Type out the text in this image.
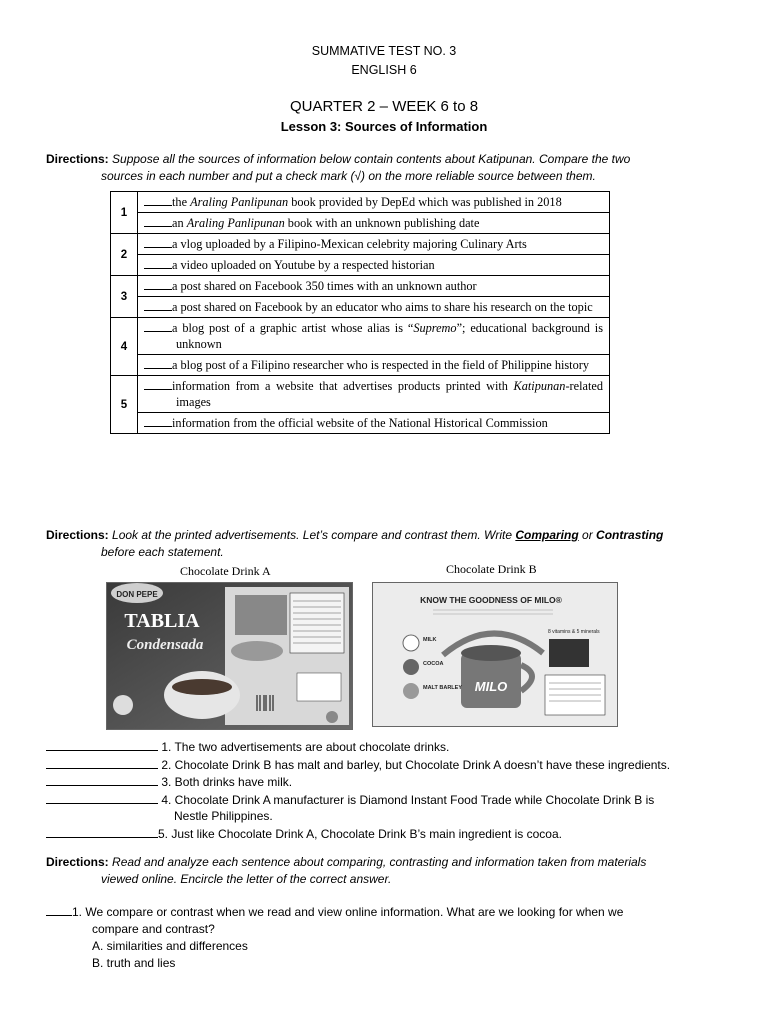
SUMMATIVE TEST NO. 3
ENGLISH 6
QUARTER 2 – WEEK 6 to 8
Lesson 3: Sources of Information
Directions: Suppose all the sources of information below contain contents about Katipunan. Compare the two

sources in each number and put a check mark (√) on the more reliable source between them.
1	the Araling Panlipunan book provided by DepEd which was published in 2018
	an Araling Panlipunan book with an unknown publishing date
2	a vlog uploaded by a Filipino-Mexican celebrity majoring Culinary Arts
	a video uploaded on Youtube by a respected historian
3	a post shared on Facebook 350 times with an unknown author
	a post shared on Facebook by an educator who aims to share his research on the topic
4	a blog post of a graphic artist whose alias is “Supremo”; educational background is unknown
	a blog post of a Filipino researcher who is respected in the field of Philippine history
5	information from a website that advertises products printed with Katipunan-related images
	information from the official website of the National Historical Commission
Directions: Look at the printed advertisements. Let’s compare and contrast them. Write Comparing or Contrasting

before each statement.
Chocolate Drink A	Chocolate Drink B
DON PEPE
TABLIA
Condensada
KNOW THE GOODNESS OF MILO®
MILO
MILK
COCOA
MALT BARLEY
8 vitamins & 5 minerals
1. The two advertisements are about chocolate drinks.
2. Chocolate Drink B has malt and barley, but Chocolate Drink A doesn’t have these ingredients.
3. Both drinks have milk.
4. Chocolate Drink A manufacturer is Diamond Instant Food Trade while Chocolate Drink B is
Nestle Philippines.
5. Just like Chocolate Drink A, Chocolate Drink B’s main ingredient is cocoa.
Directions: Read and analyze each sentence about comparing, contrasting and information taken from materials

viewed online. Encircle the letter of the correct answer.
1. We compare or contrast when we read and view online information. What are we looking for when we
compare and contrast?
A. similarities and differences
B. truth and lies
